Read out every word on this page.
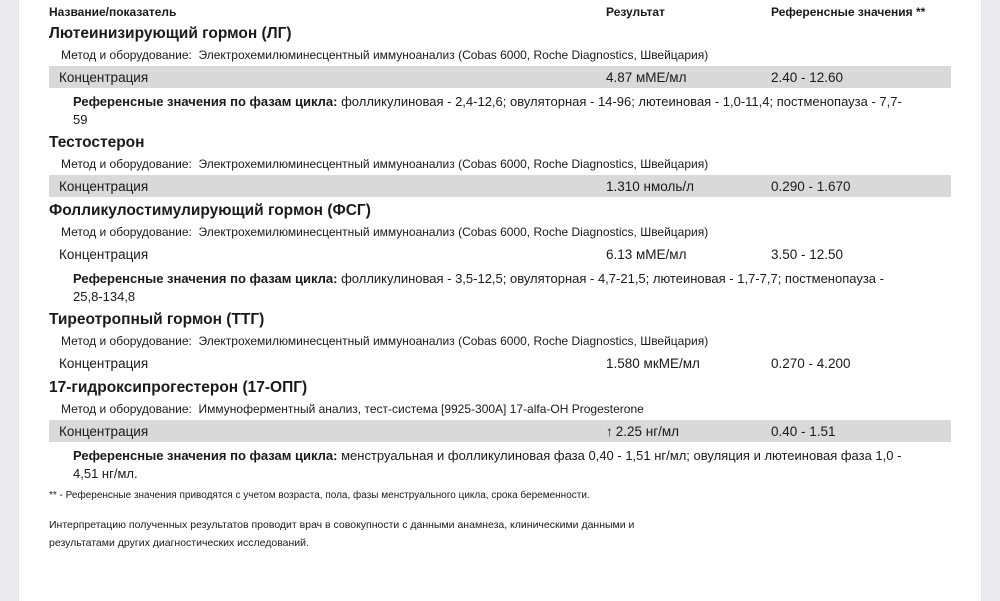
Название/показатель	Результат	Референсные значения **
Лютеинизирующий гормон (ЛГ)
Метод и оборудование:  Электрохемилюминесцентный иммуноанализ (Cobas 6000, Roche Diagnostics, Швейцария)
Концентрация	4.87 мМЕ/мл	2.40 - 12.60

Референсные значения по фазам цикла: фолликулиновая - 2,4-12,6; овуляторная - 14-96; лютеиновая - 1,0-11,4; постменопауза - 7,7-59

Тестостерон
Метод и оборудование:  Электрохемилюминесцентный иммуноанализ (Cobas 6000, Roche Diagnostics, Швейцария)
Концентрация	1.310 нмоль/л	0.290 - 1.670
Фолликулостимулирующий гормон (ФСГ)
Метод и оборудование:  Электрохемилюминесцентный иммуноанализ (Cobas 6000, Roche Diagnostics, Швейцария)
Концентрация	6.13 мМЕ/мл	3.50 - 12.50

Референсные значения по фазам цикла: фолликулиновая - 3,5-12,5; овуляторная - 4,7-21,5; лютеиновая - 1,7-7,7; постменопауза - 25,8-134,8

Тиреотропный гормон (ТТГ)
Метод и оборудование:  Электрохемилюминесцентный иммуноанализ (Cobas 6000, Roche Diagnostics, Швейцария)
Концентрация	1.580 мкМЕ/мл	0.270 - 4.200
17-гидроксипрогестерон (17-ОПГ)
Метод и оборудование:  Иммуноферментный анализ, тест-система [9925-300A] 17-alfa-OH Progesterone
Концентрация	↑ 2.25 нг/мл	0.40 - 1.51

Референсные значения по фазам цикла: менструальная и фолликулиновая фаза 0,40 - 1,51 нг/мл; овуляция и лютеиновая фаза 1,0 - 4,51 нг/мл.

** - Референсные значения приводятся с учетом возраста, пола, фазы менструального цикла, срока беременности.
Интерпретацию полученных результатов проводит врач в совокупности с данными анамнеза, клиническими данными и результатами других диагностических исследований.
